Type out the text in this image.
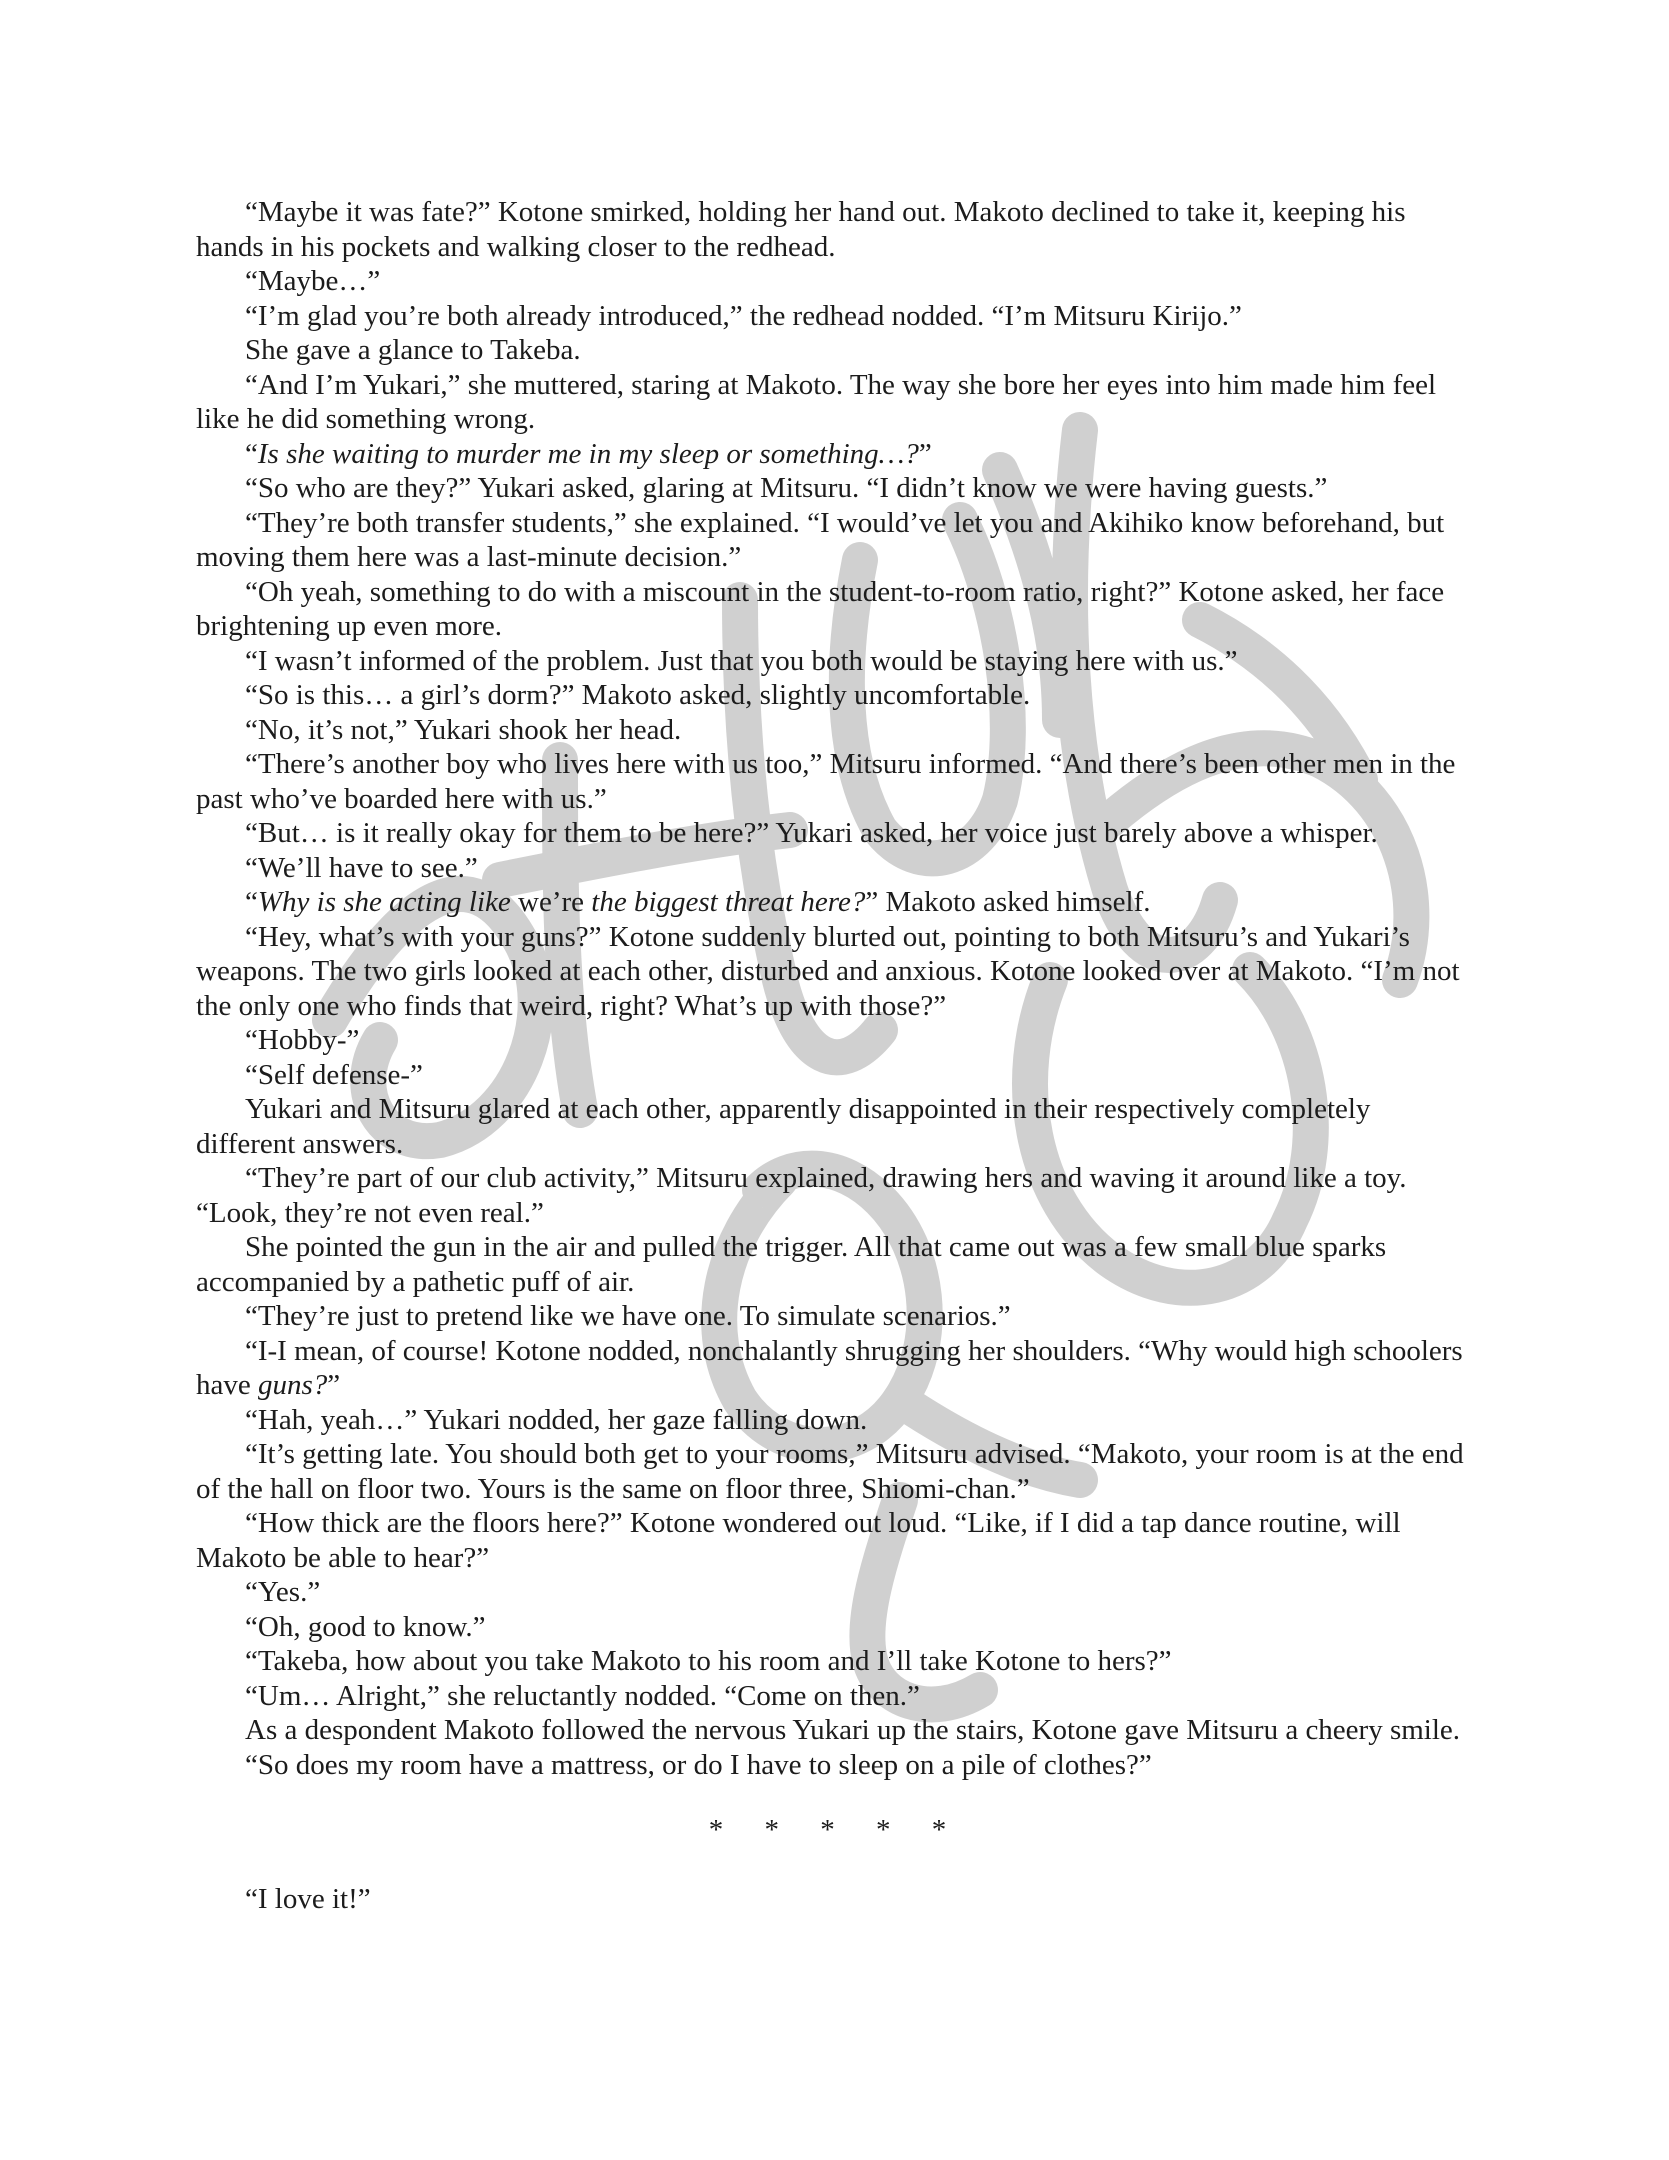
“Maybe it was fate?” Kotone smirked, holding her hand out. Makoto declined to take it, keeping his hands in his pockets and walking closer to the redhead.

“Maybe…”

“I’m glad you’re both already introduced,” the redhead nodded. “I’m Mitsuru Kirijo.”

She gave a glance to Takeba.

“And I’m Yukari,” she muttered, staring at Makoto. The way she bore her eyes into him made him feel like he did something wrong.

“Is she waiting to murder me in my sleep or something…?”

“So who are they?” Yukari asked, glaring at Mitsuru. “I didn’t know we were having guests.”

“They’re both transfer students,” she explained. “I would’ve let you and Akihiko know beforehand, but moving them here was a last-minute decision.”

“Oh yeah, something to do with a miscount in the student-to-room ratio, right?” Kotone asked, her face brightening up even more.

“I wasn’t informed of the problem. Just that you both would be staying here with us.”

“So is this… a girl’s dorm?” Makoto asked, slightly uncomfortable.

“No, it’s not,” Yukari shook her head.

“There’s another boy who lives here with us too,” Mitsuru informed. “And there’s been other men in the past who’ve boarded here with us.”

“But… is it really okay for them to be here?” Yukari asked, her voice just barely above a whisper.

“We’ll have to see.”

“Why is she acting like we’re the biggest threat here?” Makoto asked himself.

“Hey, what’s with your guns?” Kotone suddenly blurted out, pointing to both Mitsuru’s and Yukari’s weapons. The two girls looked at each other, disturbed and anxious. Kotone looked over at Makoto. “I’m not the only one who finds that weird, right? What’s up with those?”

“Hobby-”

“Self defense-”

Yukari and Mitsuru glared at each other, apparently disappointed in their respectively completely different answers.

“They’re part of our club activity,” Mitsuru explained, drawing hers and waving it around like a toy. “Look, they’re not even real.”

She pointed the gun in the air and pulled the trigger. All that came out was a few small blue sparks accompanied by a pathetic puff of air.

“They’re just to pretend like we have one. To simulate scenarios.”

“I-I mean, of course! Kotone nodded, nonchalantly shrugging her shoulders. “Why would high schoolers have guns?”

“Hah, yeah…” Yukari nodded, her gaze falling down.

“It’s getting late. You should both get to your rooms,” Mitsuru advised. “Makoto, your room is at the end of the hall on floor two. Yours is the same on floor three, Shiomi-chan.”

“How thick are the floors here?” Kotone wondered out loud. “Like, if I did a tap dance routine, will Makoto be able to hear?”

“Yes.”

“Oh, good to know.”

“Takeba, how about you take Makoto to his room and I’ll take Kotone to hers?”

“Um… Alright,” she reluctantly nodded. “Come on then.”

As a despondent Makoto followed the nervous Yukari up the stairs, Kotone gave Mitsuru a cheery smile.

“So does my room have a mattress, or do I have to sleep on a pile of clothes?”

* * * * *

“I love it!”
